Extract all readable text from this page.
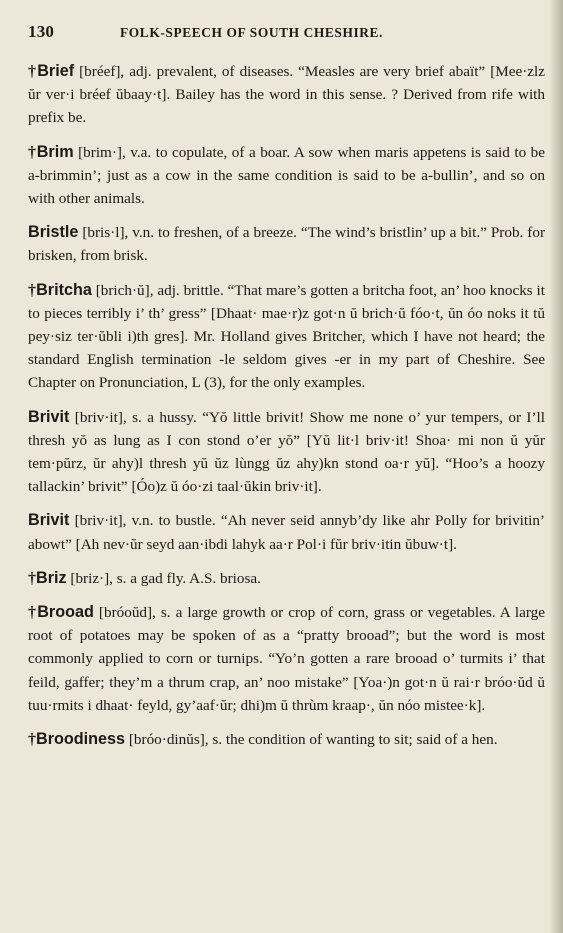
130	FOLK-SPEECH OF SOUTH CHESHIRE.
†Brief [bréef], adj. prevalent, of diseases. “Measles are very brief abaït” [Mee·zlz ŭr ver·i bréef ŭbaay·t]. Bailey has the word in this sense. ? Derived from rife with prefix be.
†Brim [brim·], v.a. to copulate, of a boar. A sow when maris appetens is said to be a-brimmin’; just as a cow in the same condition is said to be a-bullin’, and so on with other animals.
Bristle [bris·l], v.n. to freshen, of a breeze. “The wind’s bristlin’ up a bit.” Prob. for brisken, from brisk.
†Britcha [brich·ŭ], adj. brittle. “That mare’s gotten a britcha foot, an’ hoo knocks it to pieces terribly i’ th’ gress” [Dhaat· mae·r)z got·n ŭ brich·ŭ fóo·t, ŭn óo noks it tŭ pey·siz ter·ŭbli i)th gres]. Mr. Holland gives Britcher, which I have not heard; the standard English termination -le seldom gives -er in my part of Cheshire. See Chapter on Pronunciation, L (3), for the only examples.
Brivit [briv·it], s. a hussy. “Yŏ little brivit! Show me none o’ yur tempers, or I’ll thresh yŏ as lung as I con stond o’er yŏ” [Yŭ lit·l briv·it! Shoa· mi non ŭ yŭr tem·pŭrz, ŭr ahy)l thresh yŭ ŭz lùngg ŭz ahy)kn stond oa·r yŭ]. “Hoo’s a hoozy tallackin’ brivit” [Óo)z ŭ óo·zi taal·ŭkin briv·it].
Brivit [briv·it], v.n. to bustle. “Ah never seid annyb’dy like ahr Polly for brivitin’ abowt” [Ah nev·ŭr seyd aan·ibdi lahyk aa·r Pol·i fŭr briv·itin ŭbuw·t].
†Briz [briz·], s. a gad fly. A.S. briosa.
†Brooad [bróoŭd], s. a large growth or crop of corn, grass or vegetables. A large root of potatoes may be spoken of as a “pratty brooad”; but the word is most commonly applied to corn or turnips. “Yo’n gotten a rare brooad o’ turmits i’ that feild, gaffer; they’m a thrum crap, an’ noo mistake” [Yoa·)n got·n ŭ rai·r bróo·ŭd ŭ tuu·rmits i dhaat· feyld, gy’aaf·ŭr; dhi)m ŭ thrùm kraap·, ŭn nóo mistee·k].
†Broodiness [bróo·dinŭs], s. the condition of wanting to sit; said of a hen.
